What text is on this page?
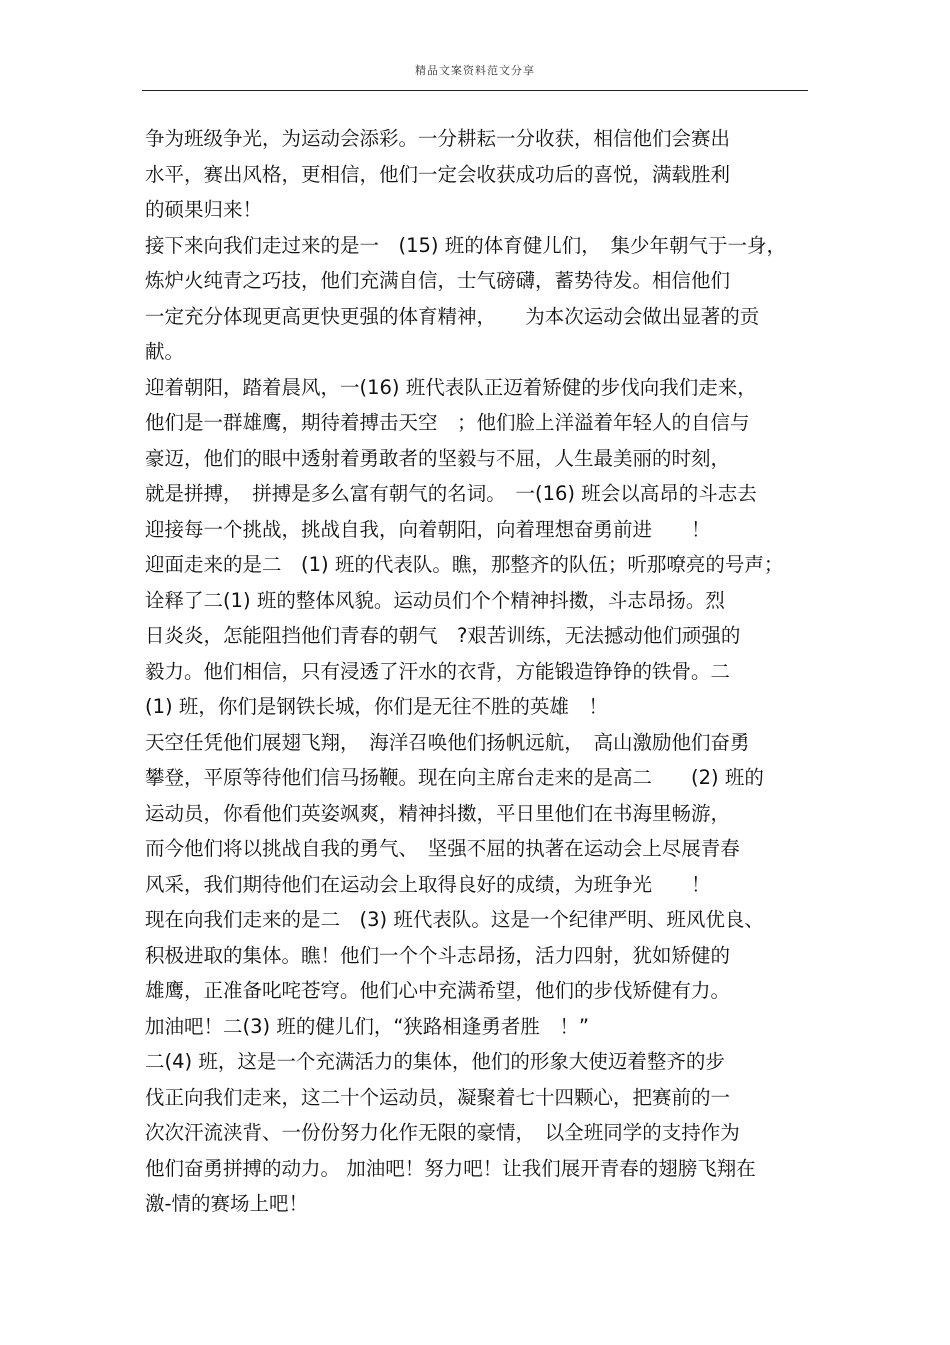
精品文案资料范文分享
争为班级争光，为运动会添彩。一分耕耘一分收获，相信他们会赛出
水平，赛出风格，更相信，他们一定会收获成功后的喜悦，满载胜利
的硕果归来！
接下来向我们走过来的是一　(15) 班的体育健儿们，　集少年朝气于一身，
炼炉火纯青之巧技，他们充满自信，士气磅礴，蓄势待发。相信他们
一定充分体现更高更快更强的体育精神，　　为本次运动会做出显著的贡
献。
迎着朝阳，踏着晨风，一(16) 班代表队正迈着矫健的步伐向我们走来，
他们是一群雄鹰，期待着搏击天空　；他们脸上洋溢着年轻人的自信与
豪迈，他们的眼中透射着勇敢者的坚毅与不屈，人生最美丽的时刻，
就是拼搏，　拼搏是多么富有朝气的名词。　一(16) 班会以高昂的斗志去
迎接每一个挑战，挑战自我，向着朝阳，向着理想奋勇前进　　！
迎面走来的是二　(1) 班的代表队。瞧，那整齐的队伍；听那嘹亮的号声；
诠释了二(1) 班的整体风貌。运动员们个个精神抖擞，斗志昂扬。烈
日炎炎，怎能阻挡他们青春的朝气　?艰苦训练，无法撼动他们顽强的
毅力。他们相信，只有浸透了汗水的衣背，方能锻造铮铮的铁骨。二
(1) 班，你们是钢铁长城，你们是无往不胜的英雄　！
天空任凭他们展翅飞翔，　海洋召唤他们扬帆远航，　高山激励他们奋勇
攀登，平原等待他们信马扬鞭。现在向主席台走来的是高二　　(2) 班的
运动员，你看他们英姿飒爽，精神抖擞，平日里他们在书海里畅游，
而今他们将以挑战自我的勇气、　坚强不屈的执著在运动会上尽展青春
风采，我们期待他们在运动会上取得良好的成绩，为班争光　　！
现在向我们走来的是二　(3) 班代表队。这是一个纪律严明、班风优良、
积极进取的集体。瞧！他们一个个斗志昂扬，活力四射，犹如矫健的
雄鹰，正准备叱咤苍穹。他们心中充满希望，他们的步伐矫健有力。
加油吧！二(3) 班的健儿们，“狭路相逢勇者胜　！”
二(4) 班，这是一个充满活力的集体，他们的形象大使迈着整齐的步
伐正向我们走来，这二十个运动员，凝聚着七十四颗心，把赛前的一
次次汗流浃背、一份份努力化作无限的豪情，　以全班同学的支持作为
他们奋勇拼搏的动力。 加油吧！努力吧！让我们展开青春的翅膀飞翔在
激-情的赛场上吧！
